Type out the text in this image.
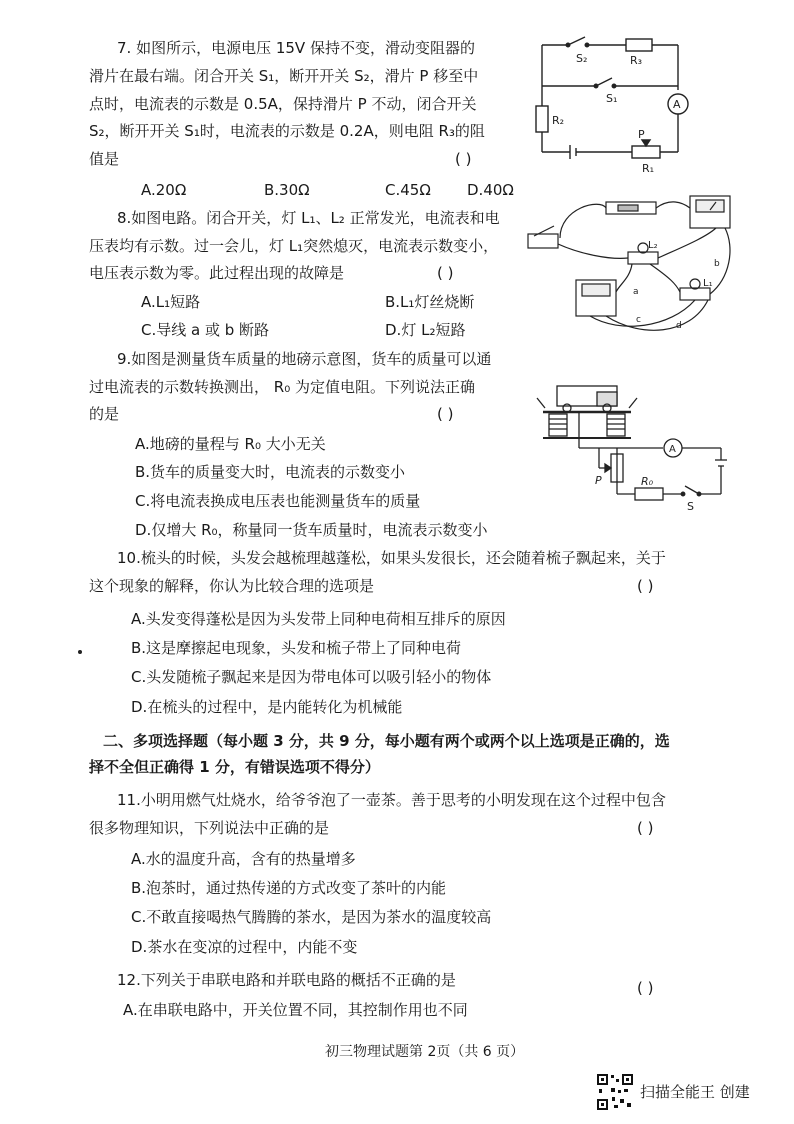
7. 如图所示，电源电压 15V 保持不变，滑动变阻器的
滑片在最右端。闭合开关 S₁，断开开关 S₂，滑片 P 移至中
点时，电流表的示数是 0.5A，保持滑片 P 不动，闭合开关
S₂，断开开关 S₁时，电流表的示数是 0.2A，则电阻 R₃的阻
值是	( )
A.20Ω	B.30Ω	C.45Ω D.40Ω
S₂	R₃
S₁	A
R₂
P
R₁
8.如图电路。闭合开关，灯 L₁、L₂ 正常发光，电流表和电
压表均有示数。过一会儿，灯 L₁突然熄灭，电流表示数变小，
电压表示数为零。此过程出现的故障是	( )
A.L₁短路	B.L₁灯丝烧断
C.导线 a 或 b 断路	D.灯 L₂短路
L₂
L₁
a
b
c
d
9.如图是测量货车质量的地磅示意图，货车的质量可以通
过电流表的示数转换测出， R₀ 为定值电阻。下列说法正确
的是	( )
A.地磅的量程与 R₀ 大小无关
B.货车的质量变大时，电流表的示数变小
C.将电流表换成电压表也能测量货车的质量
D.仅增大 R₀，称量同一货车质量时，电流表示数变小
A
P	R₀
S
10.梳头的时候，头发会越梳理越蓬松，如果头发很长，还会随着梳子飘起来，关于
这个现象的解释，你认为比较合理的选项是	( )
A.头发变得蓬松是因为头发带上同种电荷相互排斥的原因
B.这是摩擦起电现象，头发和梳子带上了同种电荷
C.头发随梳子飘起来是因为带电体可以吸引轻小的物体
D.在梳头的过程中，是内能转化为机械能
二、多项选择题（每小题 3 分，共 9 分，每小题有两个或两个以上选项是正确的，选
择不全但正确得 1 分，有错误选项不得分）
11.小明用燃气灶烧水，给爷爷泡了一壶茶。善于思考的小明发现在这个过程中包含
很多物理知识，下列说法中正确的是	( )
A.水的温度升高，含有的热量增多
B.泡茶时，通过热传递的方式改变了茶叶的内能
C.不敢直接喝热气腾腾的茶水，是因为茶水的温度较高
D.茶水在变凉的过程中，内能不变
12.下列关于串联电路和并联电路的概括不正确的是	( )
A.在串联电路中，开关位置不同，其控制作用也不同
初三物理试题第 2页（共 6 页）
扫描全能王 创建
